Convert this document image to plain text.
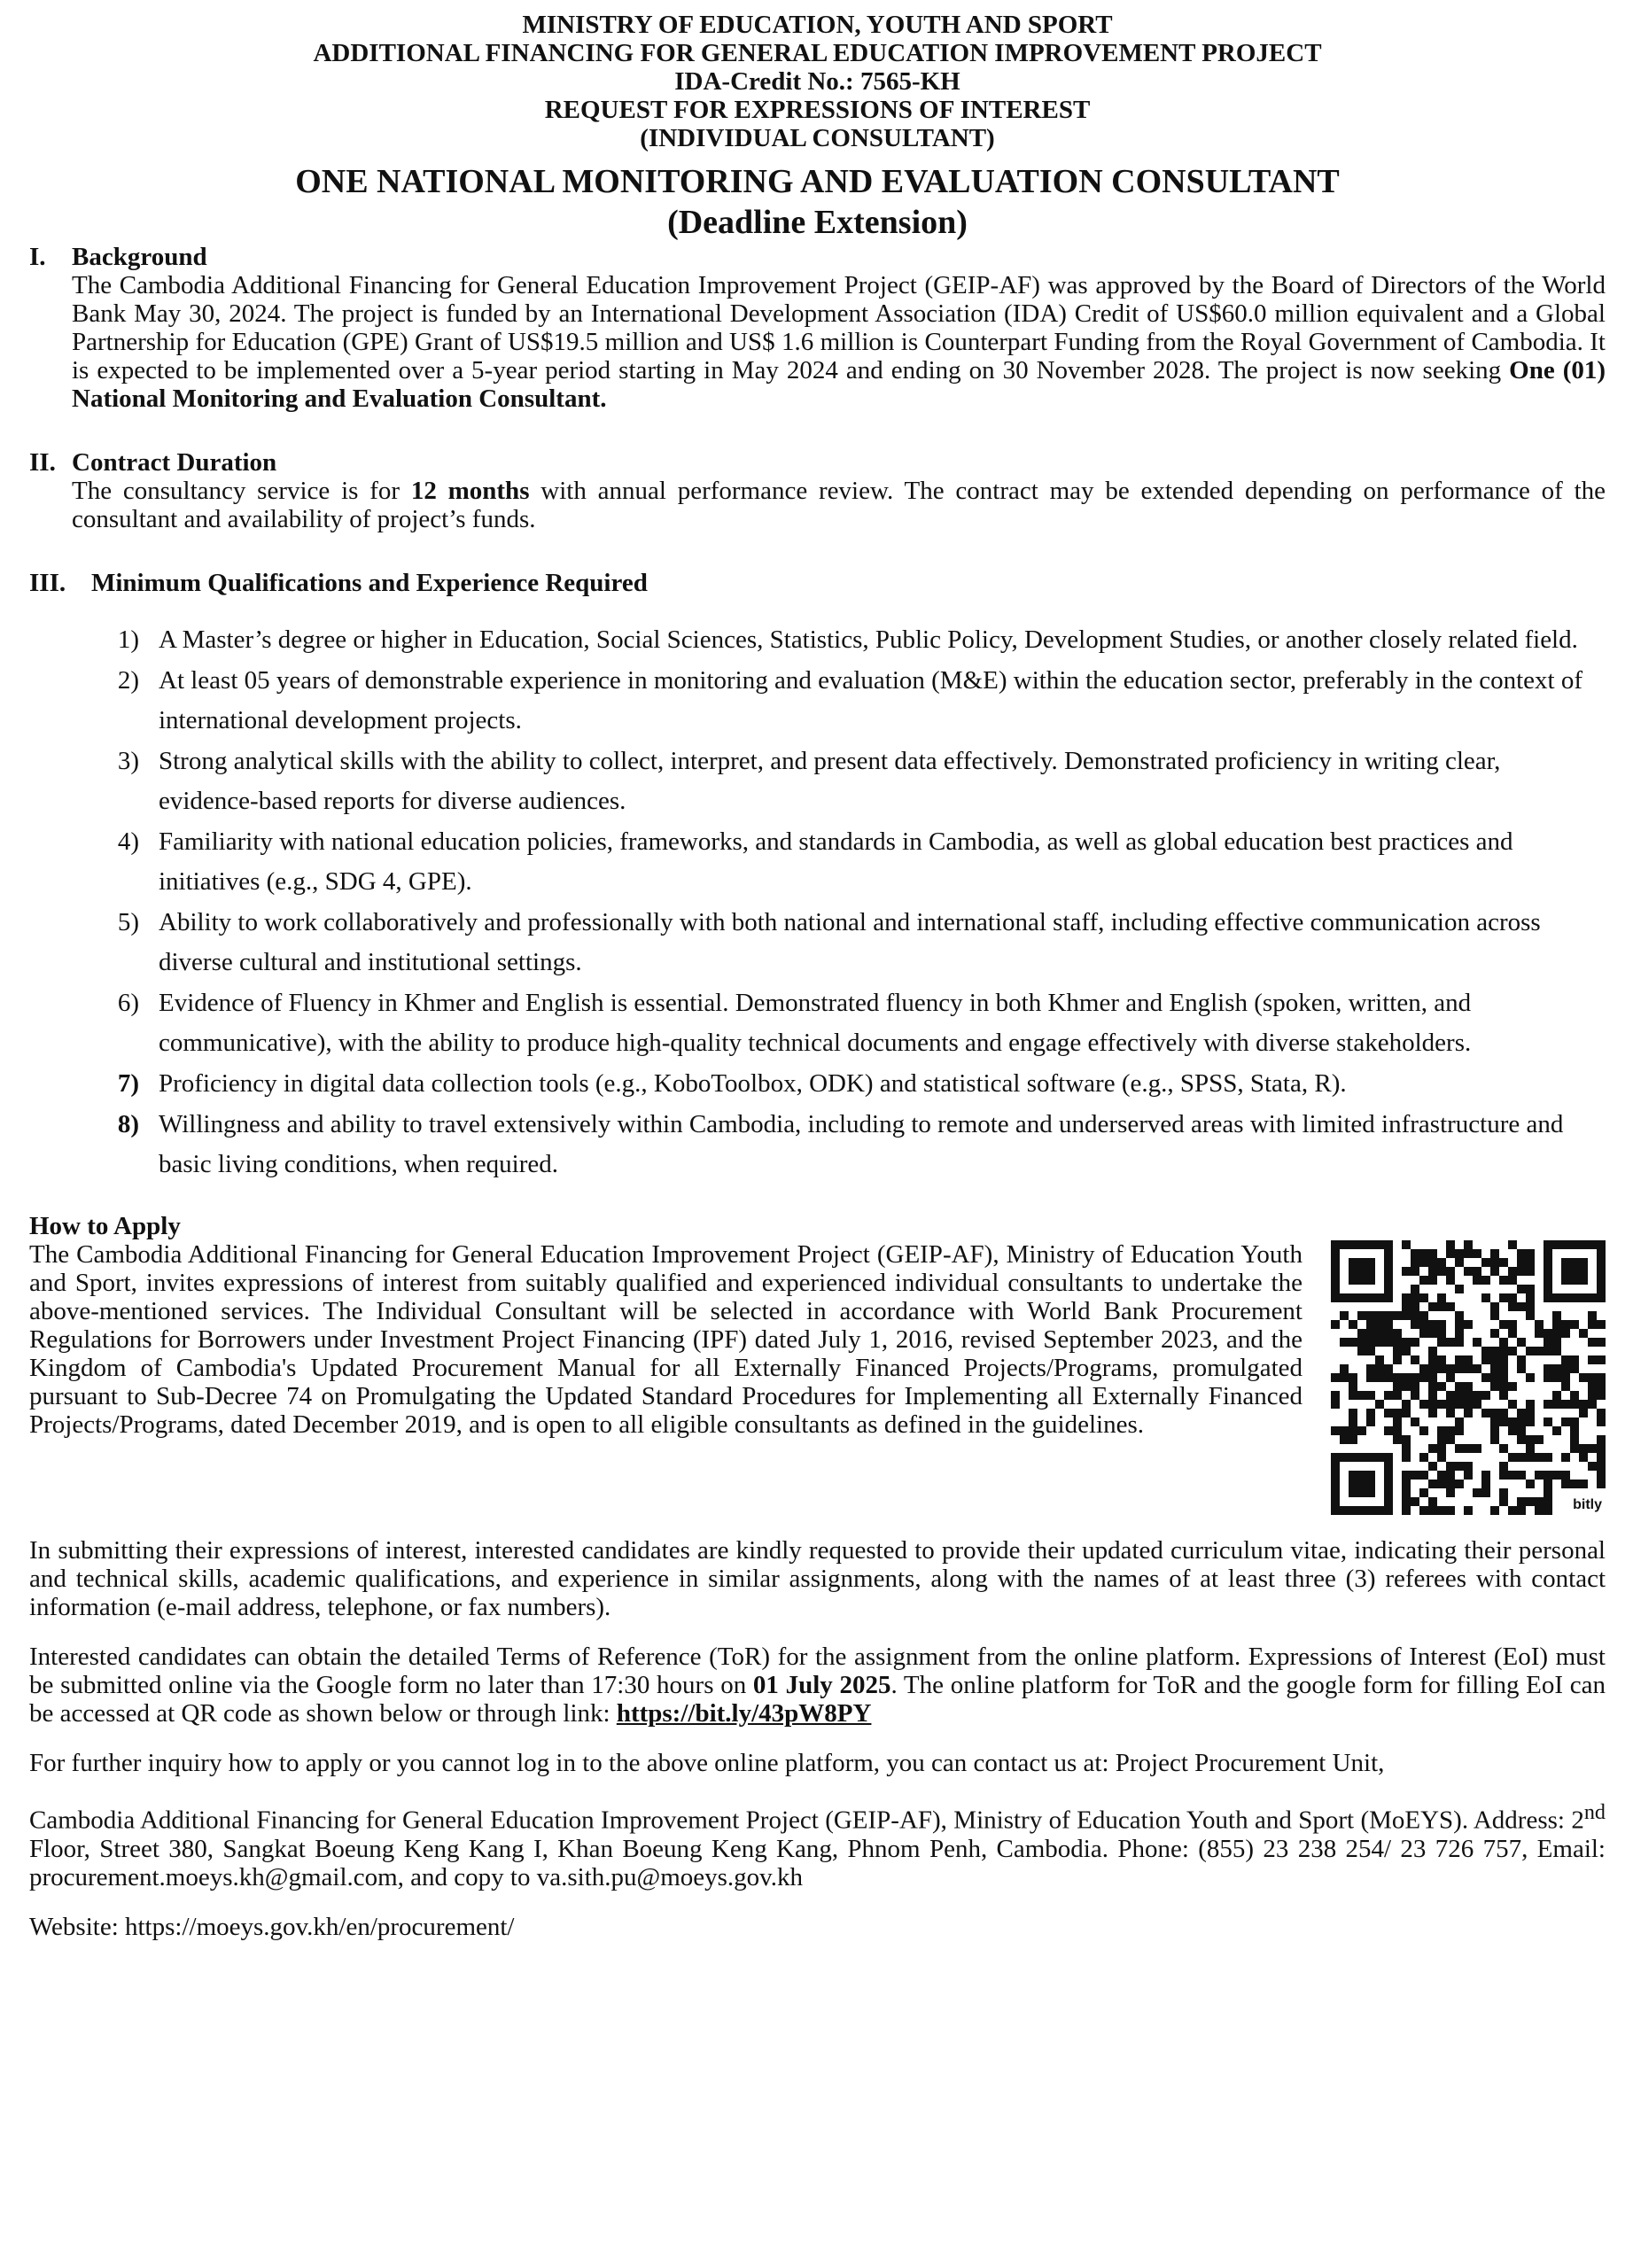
MINISTRY OF EDUCATION, YOUTH AND SPORT
ADDITIONAL FINANCING FOR GENERAL EDUCATION IMPROVEMENT PROJECT
IDA-Credit No.: 7565-KH
REQUEST FOR EXPRESSIONS OF INTEREST
(INDIVIDUAL CONSULTANT)
ONE NATIONAL MONITORING AND EVALUATION CONSULTANT
(Deadline Extension)
I.	Background

The Cambodia Additional Financing for General Education Improvement Project (GEIP-AF) was approved by the Board of Directors of the World Bank May 30, 2024. The project is funded by an International Development Association (IDA) Credit of US$60.0 million equivalent and a Global Partnership for Education (GPE) Grant of US$19.5 million and US$ 1.6 million is Counterpart Funding from the Royal Government of Cambodia. It is expected to be implemented over a 5-year period starting in May 2024 and ending on 30 November 2028. The project is now seeking One (01) National Monitoring and Evaluation Consultant.

II. Contract Duration

The consultancy service is for 12 months with annual performance review. The contract may be extended depending on performance of the consultant and availability of project’s funds.

III. Minimum Qualifications and Experience Required
1) A Master’s degree or higher in Education, Social Sciences, Statistics, Public Policy, Development Studies, or another closely related field.
2) At least 05 years of demonstrable experience in monitoring and evaluation (M&E) within the education sector, preferably in the context of international development projects.
3) Strong analytical skills with the ability to collect, interpret, and present data effectively. Demonstrated proficiency in writing clear, evidence-based reports for diverse audiences.
4) Familiarity with national education policies, frameworks, and standards in Cambodia, as well as global education best practices and initiatives (e.g., SDG 4, GPE).
5) Ability to work collaboratively and professionally with both national and international staff, including effective communication across diverse cultural and institutional settings.
6) Evidence of Fluency in Khmer and English is essential. Demonstrated fluency in both Khmer and English (spoken, written, and communicative), with the ability to produce high-quality technical documents and engage effectively with diverse stakeholders.
7) Proficiency in digital data collection tools (e.g., KoboToolbox, ODK) and statistical software (e.g., SPSS, Stata, R).
8) Willingness and ability to travel extensively within Cambodia, including to remote and underserved areas with limited infrastructure and basic living conditions, when required.
How to Apply

The Cambodia Additional Financing for General Education Improvement Project (GEIP-AF), Ministry of Education Youth and Sport, invites expressions of interest from suitably qualified and experienced individual consultants to undertake the above-mentioned services. The Individual Consultant will be selected in accordance with World Bank Procurement Regulations for Borrowers under Investment Project Financing (IPF) dated July 1, 2016, revised September 2023, and the Kingdom of Cambodia's Updated Procurement Manual for all Externally Financed Projects/Programs, promulgated pursuant to Sub-Decree 74 on Promulgating the Updated Standard Procedures for Implementing all Externally Financed Projects/Programs, dated December 2019, and is open to all eligible consultants as defined in the guidelines.

bitly

In submitting their expressions of interest, interested candidates are kindly requested to provide their updated curriculum vitae, indicating their personal and technical skills, academic qualifications, and experience in similar assignments, along with the names of at least three (3) referees with contact information (e-mail address, telephone, or fax numbers).

Interested candidates can obtain the detailed Terms of Reference (ToR) for the assignment from the online platform. Expressions of Interest (EoI) must be submitted online via the Google form no later than 17:30 hours on 01 July 2025. The online platform for ToR and the google form for filling EoI can be accessed at QR code as shown below or through link: https://bit.ly/43pW8PY

For further inquiry how to apply or you cannot log in to the above online platform, you can contact us at: Project Procurement Unit,

Cambodia Additional Financing for General Education Improvement Project (GEIP-AF), Ministry of Education Youth and Sport (MoEYS). Address: 2nd Floor, Street 380, Sangkat Boeung Keng Kang I, Khan Boeung Keng Kang, Phnom Penh, Cambodia. Phone: (855) 23 238 254/ 23 726 757, Email: procurement.moeys.kh@gmail.com, and copy to va.sith.pu@moeys.gov.kh

Website: https://moeys.gov.kh/en/procurement/
